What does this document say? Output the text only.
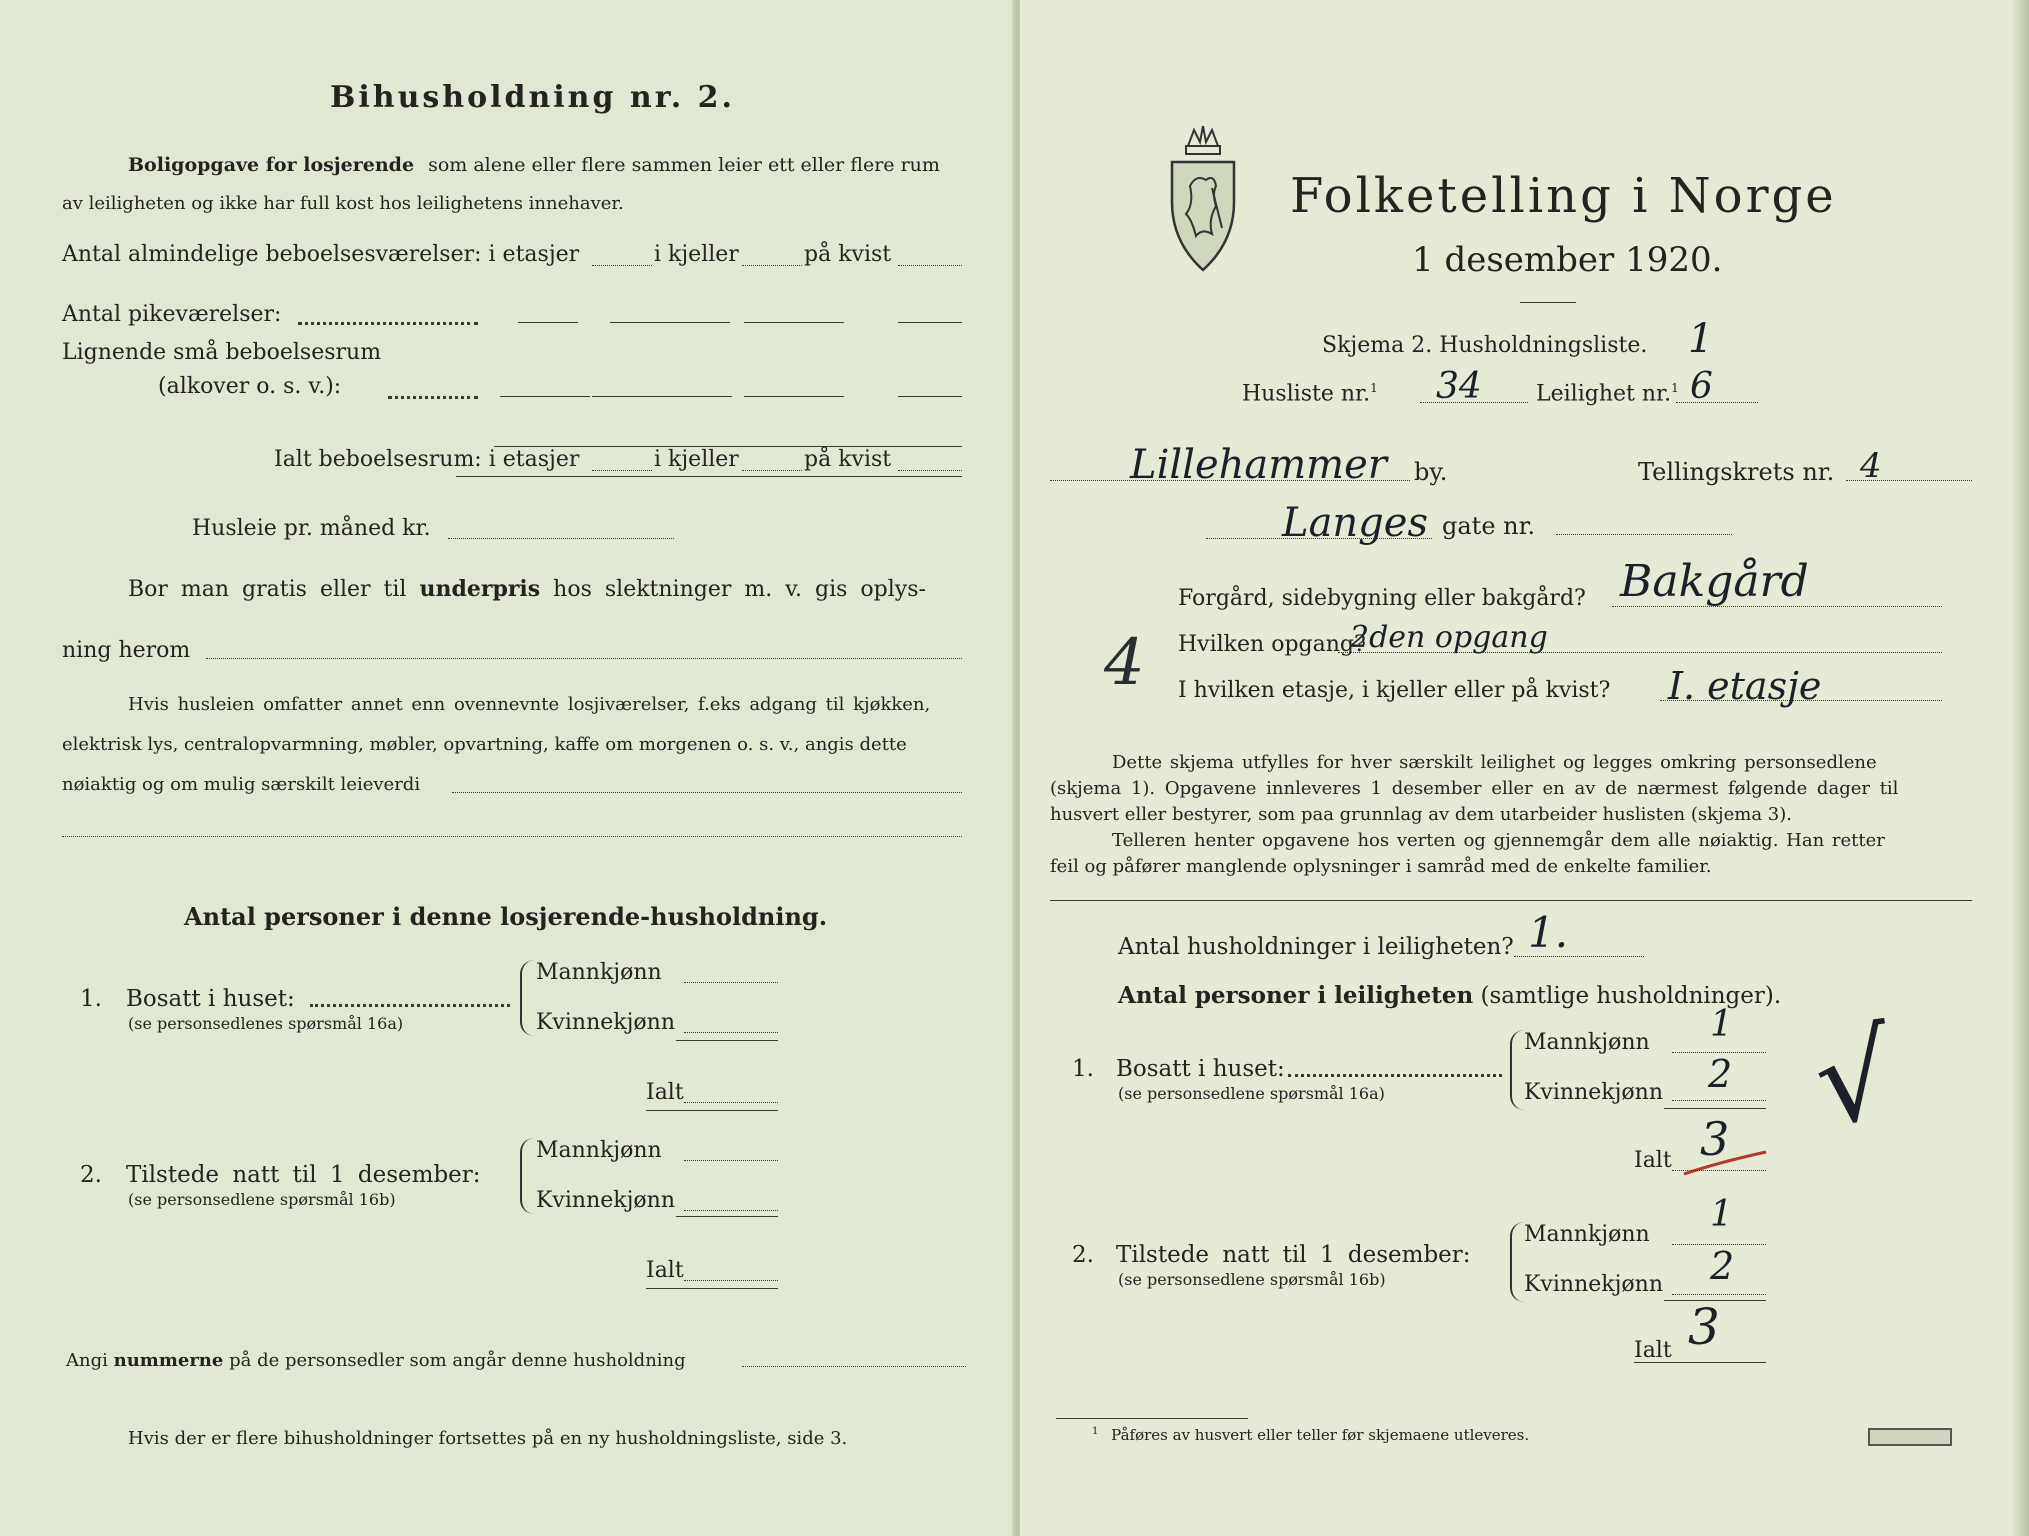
Bihusholdning nr. 2.
Boligopgave for losjerende som alene eller flere sammen leier ett eller flere rum
av leiligheten og ikke har full kost hos leilighetens innehaver.
Antal almindelige beboelsesværelser: i etasjer	i kjeller	på kvist
Antal pikeværelser:
Lignende små beboelsesrum
(alkover o. s. v.):
Ialt beboelsesrum: i etasjer	i kjeller	på kvist
Husleie pr. måned kr.
Bor man gratis eller til underpris hos slektninger m. v. gis oplys-
ning herom
Hvis husleien omfatter annet enn ovennevnte losjiværelser, f.eks adgang til kjøkken,
elektrisk lys, centralopvarmning, møbler, opvartning, kaffe om morgenen o. s. v., angis dette
nøiaktig og om mulig særskilt leieverdi
Antal personer i denne losjerende-husholdning.
1. Bosatt i huset:
(se personsedlenes spørsmål 16a)
Mannkjønn
Kvinnekjønn
Ialt
2. Tilstede natt til 1 desember:
(se personsedlene spørsmål 16b)
Mannkjønn
Kvinnekjønn
Ialt
Angi nummerne på de personsedler som angår denne husholdning
Hvis der er flere bihusholdninger fortsettes på en ny husholdningsliste, side 3.
Folketelling i Norge
1 desember 1920.
Skjema 2. Husholdningsliste. 1
Husliste nr.$^1$ 34 Leilighet nr.$^1$ 6
Lillehammer by.	Tellingskrets nr. 4
Langes gate nr.
Forgård, sidebygning eller bakgård? Bakgård
4 Hvilken opgang?
2den opgang
I hvilken etasje, i kjeller eller på kvist? I. etasje
Dette skjema utfylles for hver særskilt leilighet og legges omkring personsedlene
(skjema 1). Opgavene innleveres 1 desember eller en av de nærmest følgende dager til
husvert eller bestyrer, som paa grunnlag av dem utarbeider huslisten (skjema 3).
Telleren henter opgavene hos verten og gjennemgår dem alle nøiaktig. Han retter
feil og påfører manglende oplysninger i samråd med de enkelte familier.
Antal husholdninger i leiligheten? 1.
Antal personer i leiligheten (samtlige husholdninger).
1. Bosatt i huset:
(se personsedlene spørsmål 16a)
Mannkjønn 1
Kvinnekjønn 2
Ialt 3 √
2. Tilstede natt til 1 desember:
(se personsedlene spørsmål 16b)
Mannkjønn 1
Kvinnekjønn 2
Ialt 3
$^1$ Påføres av husvert eller teller før skjemaene utleveres.
